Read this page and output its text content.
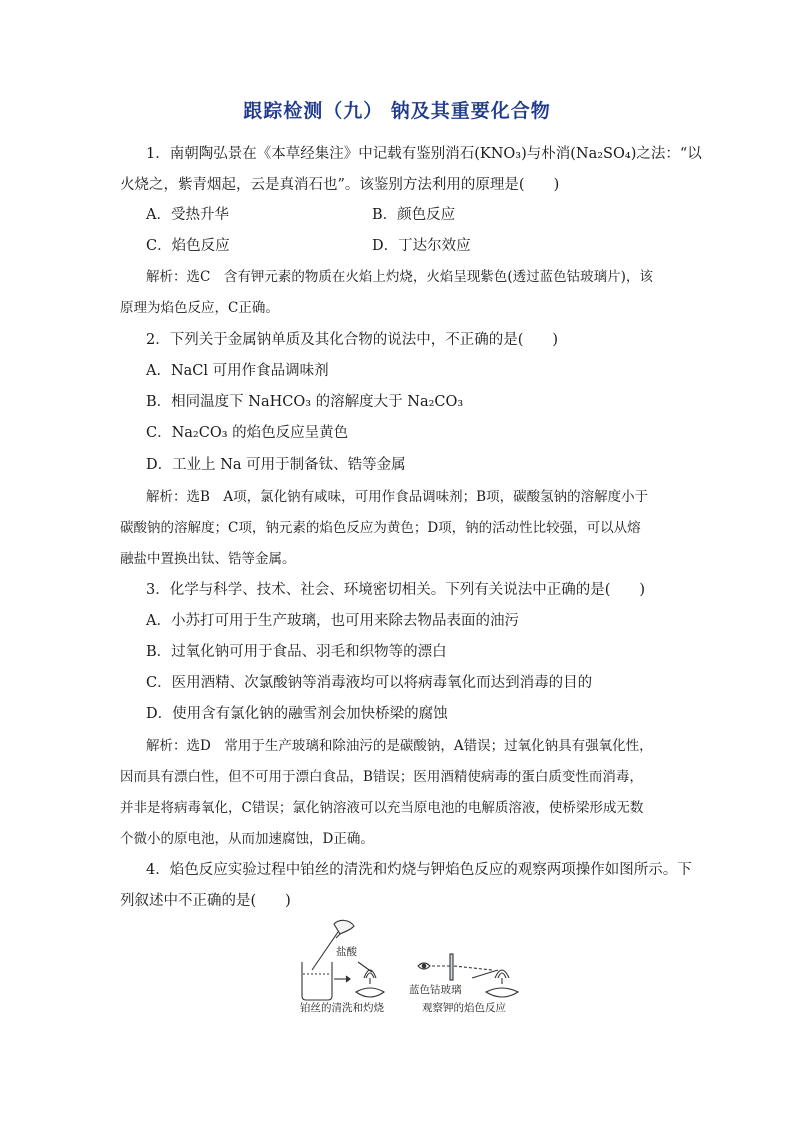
跟踪检测（九） 钠及其重要化合物
1．南朝陶弘景在《本草经集注》中记载有鉴别消石(KNO₃)与朴消(Na₂SO₄)之法：“以
火烧之，紫青烟起，云是真消石也”。该鉴别方法利用的原理是(　　)
A．受热升华	B．颜色反应
C．焰色反应	D．丁达尔效应
解析：选C　含有钾元素的物质在火焰上灼烧，火焰呈现紫色(透过蓝色钴玻璃片)，该
原理为焰色反应，C正确。
2．下列关于金属钠单质及其化合物的说法中，不正确的是(　　)
A．NaCl 可用作食品调味剂
B．相同温度下 NaHCO₃ 的溶解度大于 Na₂CO₃
C．Na₂CO₃ 的焰色反应呈黄色
D．工业上 Na 可用于制备钛、锆等金属
解析：选B　A项，氯化钠有咸味，可用作食品调味剂；B项，碳酸氢钠的溶解度小于
碳酸钠的溶解度；C项，钠元素的焰色反应为黄色；D项，钠的活动性比较强，可以从熔
融盐中置换出钛、锆等金属。
3．化学与科学、技术、社会、环境密切相关。下列有关说法中正确的是(　　)
A．小苏打可用于生产玻璃，也可用来除去物品表面的油污
B．过氧化钠可用于食品、羽毛和织物等的漂白
C．医用酒精、次氯酸钠等消毒液均可以将病毒氧化而达到消毒的目的
D．使用含有氯化钠的融雪剂会加快桥梁的腐蚀
解析：选D　常用于生产玻璃和除油污的是碳酸钠，A错误；过氧化钠具有强氧化性，
因而具有漂白性，但不可用于漂白食品，B错误；医用酒精使病毒的蛋白质变性而消毒，
并非是将病毒氧化，C错误；氯化钠溶液可以充当原电池的电解质溶液，使桥梁形成无数
个微小的原电池，从而加速腐蚀，D正确。
4．焰色反应实验过程中铂丝的清洗和灼烧与钾焰色反应的观察两项操作如图所示。下
列叙述中不正确的是(　　)
盐酸
蓝色钴玻璃
铂丝的清洗和灼烧	观察钾的焰色反应
